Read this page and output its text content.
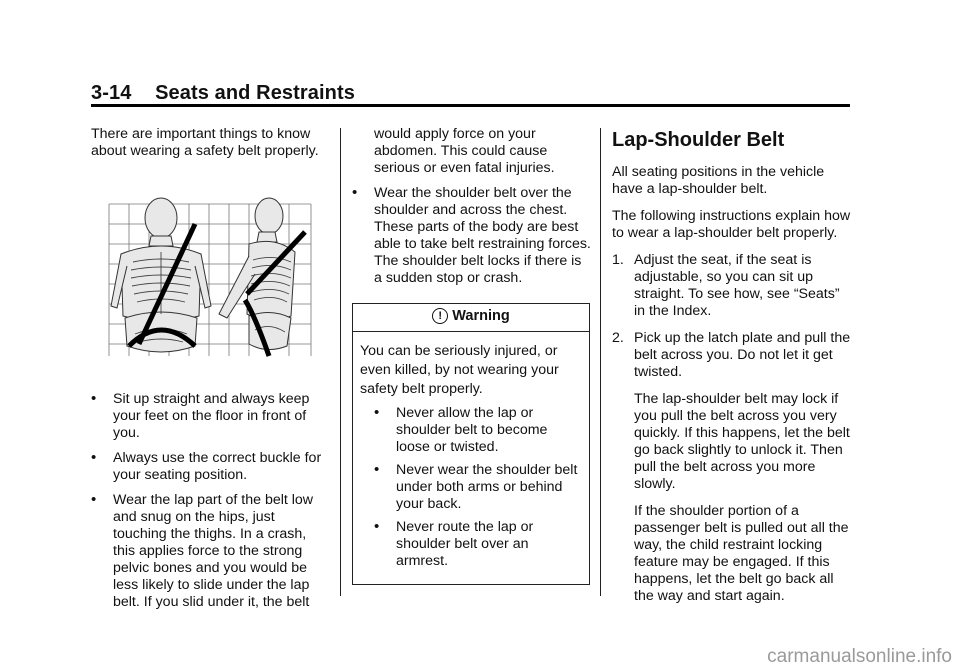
3-14 Seats and Restraints

There are important things to know about wearing a safety belt properly.

• Sit up straight and always keep your feet on the floor in front of you.
• Always use the correct buckle for your seating position.
• Wear the lap part of the belt low and snug on the hips, just touching the thighs. In a crash, this applies force to the strong pelvic bones and you would be less likely to slide under the lap belt. If you slid under it, the belt

would apply force on your abdomen. This could cause serious or even fatal injuries.

• Wear the shoulder belt over the shoulder and across the chest. These parts of the body are best able to take belt restraining forces. The shoulder belt locks if there is a sudden stop or crash.
! Warning

You can be seriously injured, or even killed, by not wearing your safety belt properly.

• Never allow the lap or shoulder belt to become loose or twisted.
• Never wear the shoulder belt under both arms or behind your back.
• Never route the lap or shoulder belt over an armrest.
Lap-Shoulder Belt

All seating positions in the vehicle have a lap-shoulder belt.

The following instructions explain how to wear a lap-shoulder belt properly.

1. Adjust the seat, if the seat is adjustable, so you can sit up straight. To see how, see “Seats” in the Index.
2. Pick up the latch plate and pull the belt across you. Do not let it get twisted.

The lap-shoulder belt may lock if you pull the belt across you very quickly. If this happens, let the belt go back slightly to unlock it. Then pull the belt across you more slowly.

If the shoulder portion of a passenger belt is pulled out all the way, the child restraint locking feature may be engaged. If this happens, let the belt go back all the way and start again.

carmanualsonline.info
